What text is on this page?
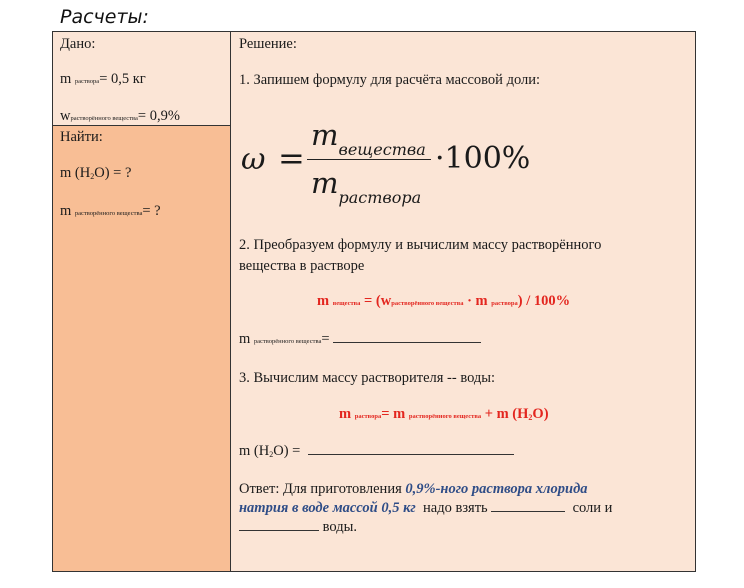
Расчеты:
Дано:
m раствора= 0,5 кг
wрастворённого вещества= 0,9%
Найти:
m (H2O) = ?
m растворённого вещества= ?
Решение:
1. Запишем формулу для расчёта массовой доли:
ω =
$m_{вещества}$
$m_{раствора}$
·100%
2. Преобразуем формулу и вычислим массу растворённого
вещества в растворе
m вещества = (wрастворённого вещества · m раствора) / 100%
m растворённого вещества=
3. Вычислим массу растворителя -- воды:
m раствора= m растворённого вещества + m (H2O)
m (H2O) =
Ответ: Для приготовления 0,9%-ного раствора хлорида
натрия в воде массой 0,5 кг надо взять	соли и
воды.
